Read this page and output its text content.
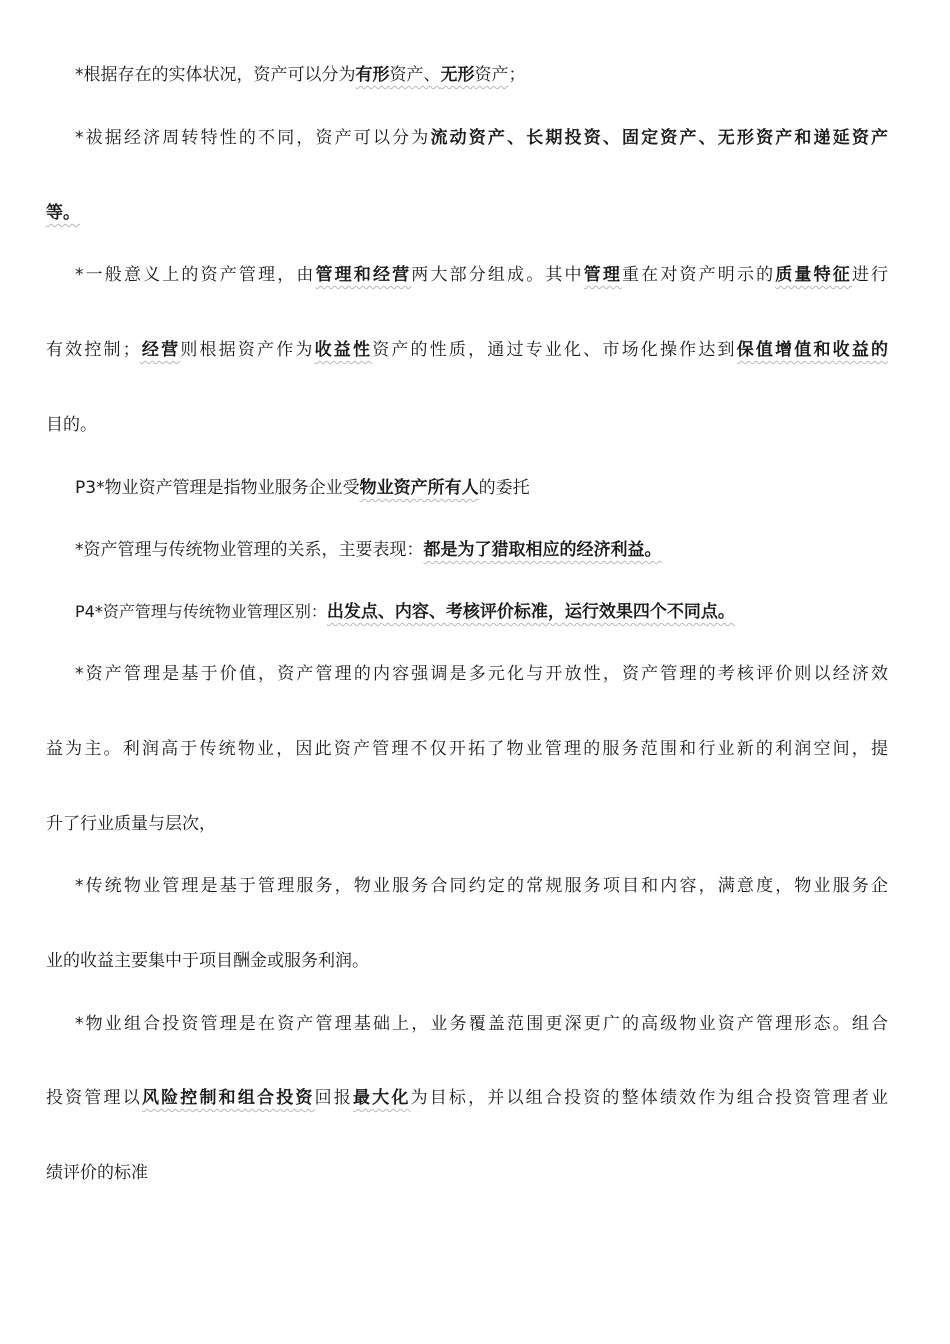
*根据存在的实体状况，资产可以分为有形资产、无形资产；
*祓据经济周转特性的不同，资产可以分为流动资产、长期投资、固定资产、无形资产和递延资产
等。
*一般意义上的资产管理，由管理和经营两大部分组成。其中管理重在对资产明示的质量特征进行
有效控制；经营则根据资产作为收益性资产的性质，通过专业化、市场化操作达到保值增值和收益的
目的。
P3*物业资产管理是指物业服务企业受物业资产所有人的委托
*资产管理与传统物业管理的关系，主要表现：都是为了猎取相应的经济利益。
P4*资产管理与传统物业管理区别：出发点、内容、考核评价标准，运行效果四个不同点。
*资产管理是基于价值，资产管理的内容强调是多元化与开放性，资产管理的考核评价则以经济效
益为主。利润高于传统物业，因此资产管理不仅开拓了物业管理的服务范围和行业新的利润空间，提
升了行业质量与层次，
*传统物业管理是基于管理服务，物业服务合同约定的常规服务项目和内容，满意度，物业服务企
业的收益主要集中于项目酬金或服务利润。
*物业组合投资管理是在资产管理基础上，业务覆盖范围更深更广的高级物业资产管理形态。组合
投资管理以风险控制和组合投资回报最大化为目标，并以组合投资的整体绩效作为组合投资管理者业
绩评价的标准
